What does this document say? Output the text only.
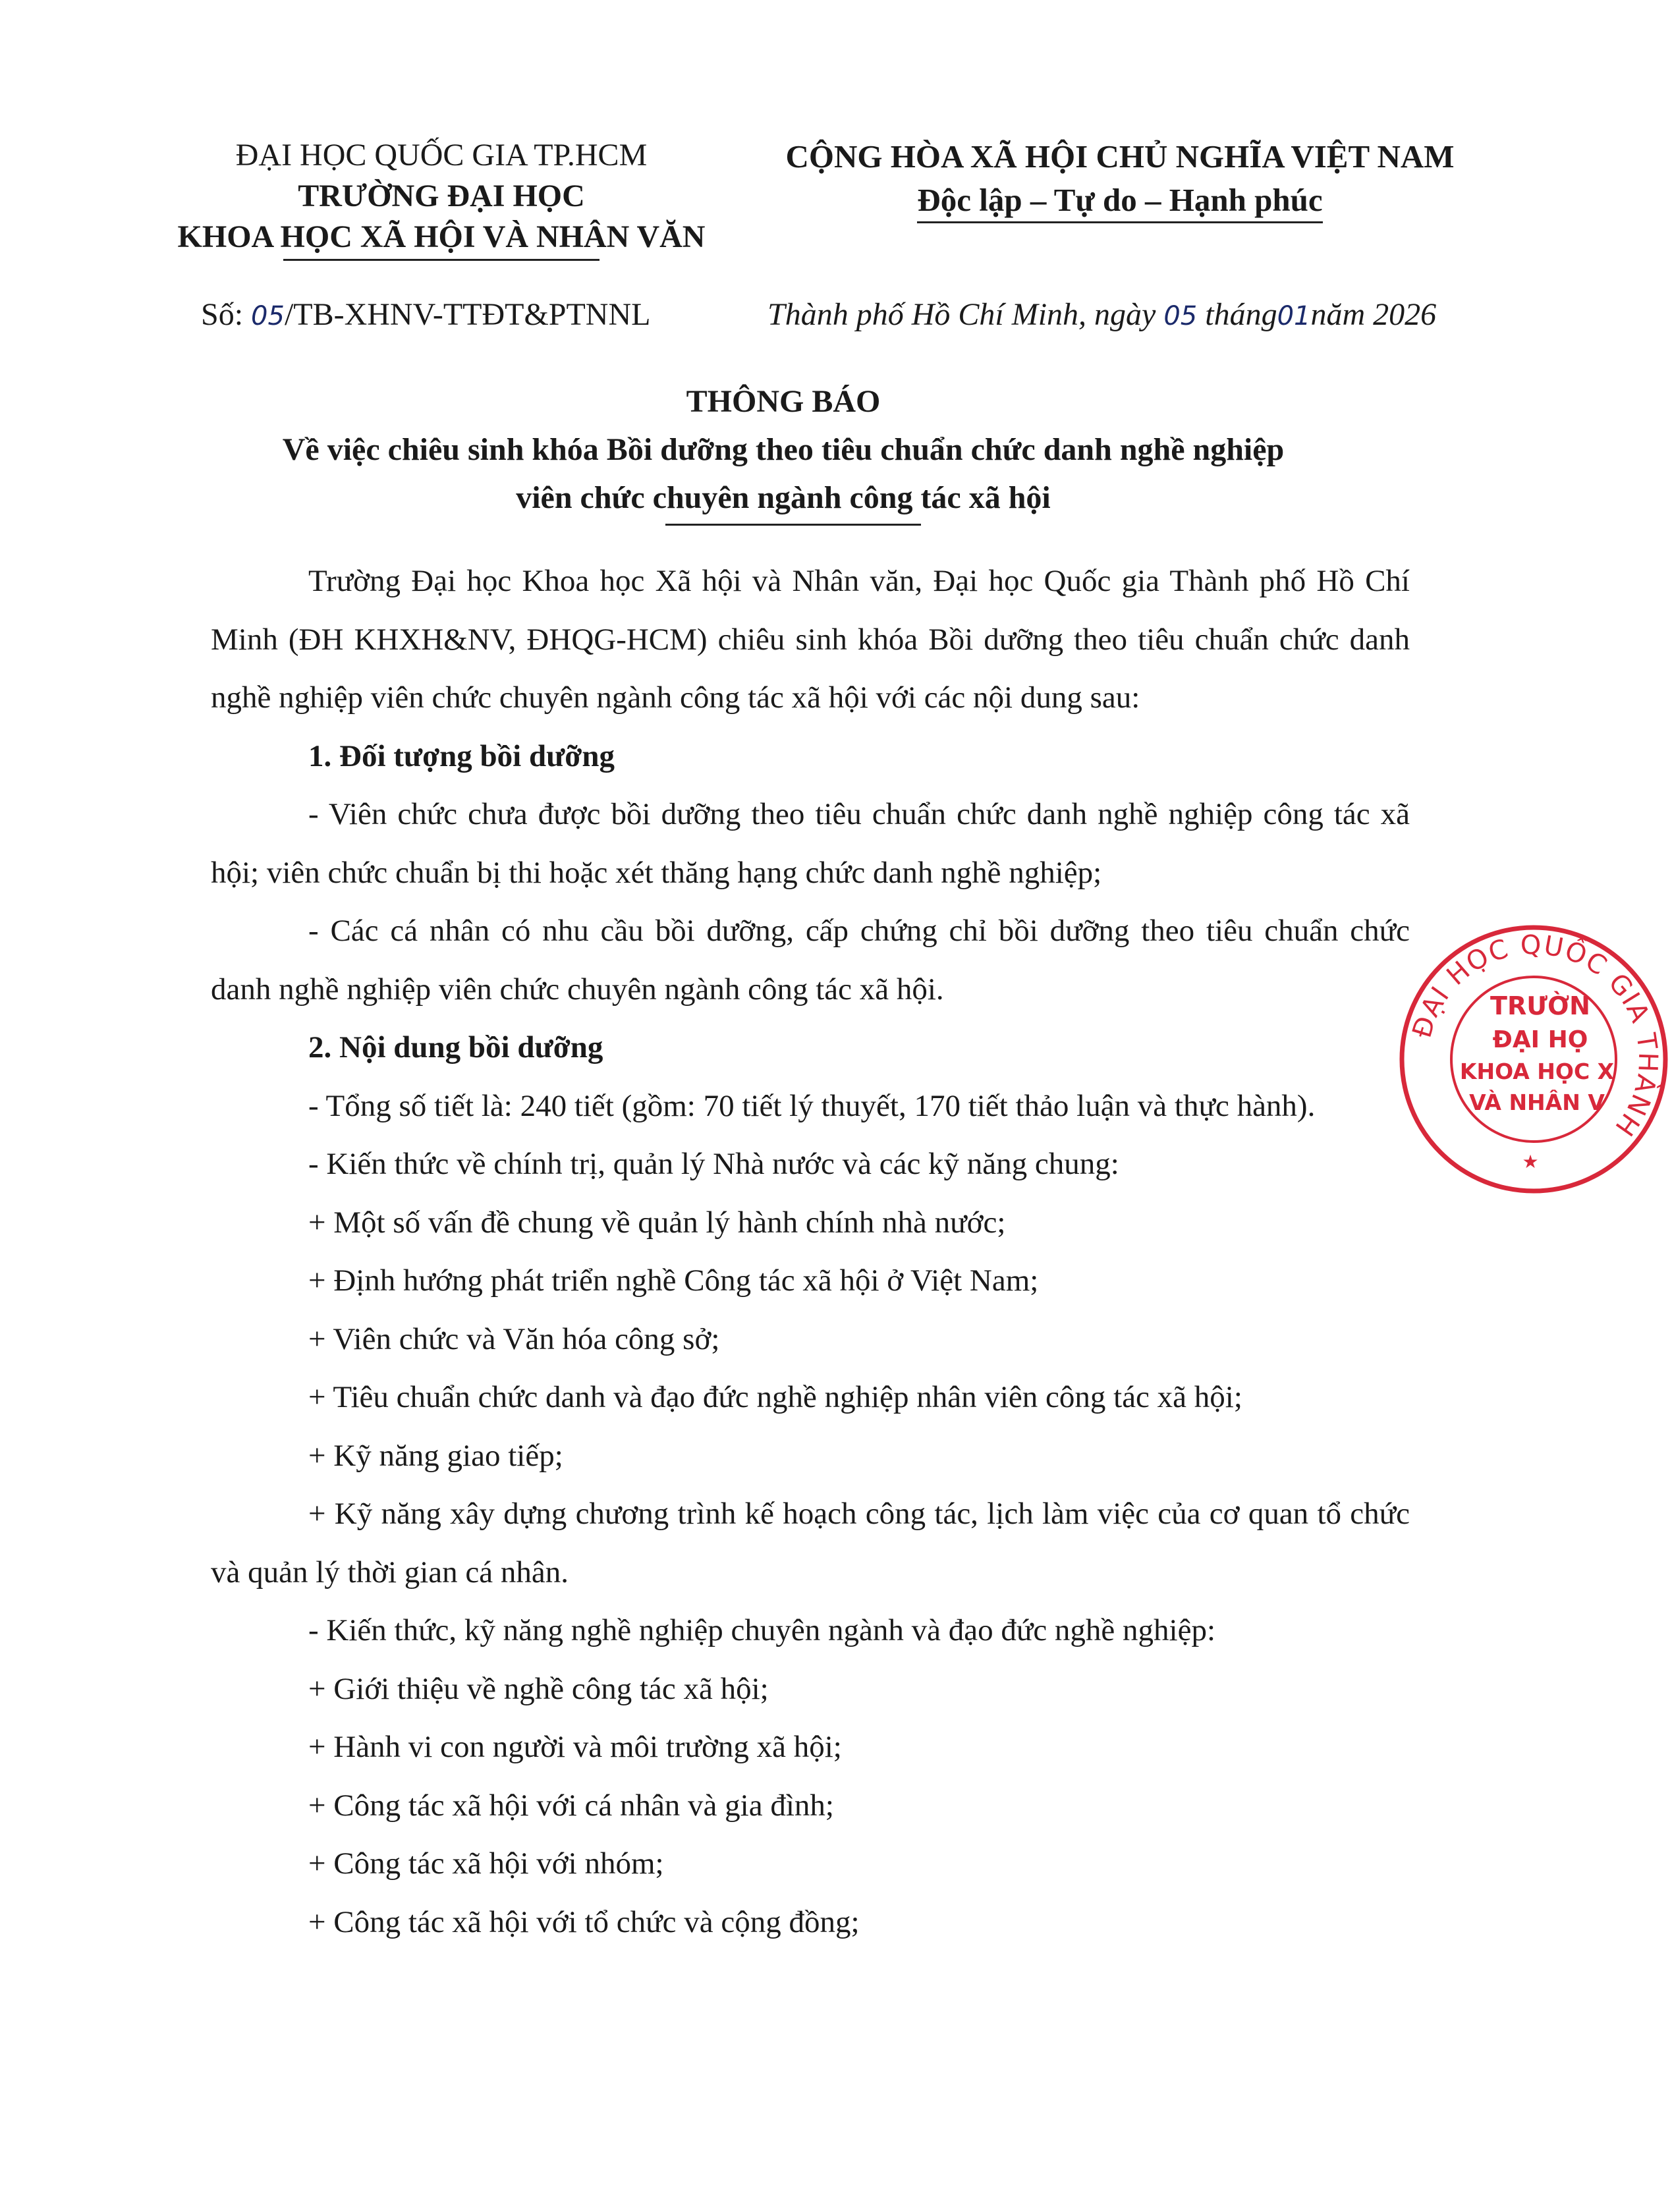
ĐẠI HỌC QUỐC GIA TP.HCM
TRƯỜNG ĐẠI HỌC
KHOA HỌC XÃ HỘI VÀ NHÂN VĂN
CỘNG HÒA XÃ HỘI CHỦ NGHĨA VIỆT NAM
Độc lập – Tự do – Hạnh phúc
Số: 05/TB-XHNV-TTĐT&PTNNL	Thành phố Hồ Chí Minh, ngày 05 tháng01năm 2026
THÔNG BÁO
Về việc chiêu sinh khóa Bồi dưỡng theo tiêu chuẩn chức danh nghề nghiệp
viên chức chuyên ngành công tác xã hội

Trường Đại học Khoa học Xã hội và Nhân văn, Đại học Quốc gia Thành phố Hồ Chí Minh (ĐH KHXH&NV, ĐHQG-HCM) chiêu sinh khóa Bồi dưỡng theo tiêu chuẩn chức danh nghề nghiệp viên chức chuyên ngành công tác xã hội với các nội dung sau:

1. Đối tượng bồi dưỡng

- Viên chức chưa được bồi dưỡng theo tiêu chuẩn chức danh nghề nghiệp công tác xã hội; viên chức chuẩn bị thi hoặc xét thăng hạng chức danh nghề nghiệp;

- Các cá nhân có nhu cầu bồi dưỡng, cấp chứng chỉ bồi dưỡng theo tiêu chuẩn chức danh nghề nghiệp viên chức chuyên ngành công tác xã hội.

2. Nội dung bồi dưỡng

- Tổng số tiết là: 240 tiết (gồm: 70 tiết lý thuyết, 170 tiết thảo luận và thực hành).

- Kiến thức về chính trị, quản lý Nhà nước và các kỹ năng chung:

+ Một số vấn đề chung về quản lý hành chính nhà nước;

+ Định hướng phát triển nghề Công tác xã hội ở Việt Nam;

+ Viên chức và Văn hóa công sở;

+ Tiêu chuẩn chức danh và đạo đức nghề nghiệp nhân viên công tác xã hội;

+ Kỹ năng giao tiếp;

+ Kỹ năng xây dựng chương trình kế hoạch công tác, lịch làm việc của cơ quan tổ chức và quản lý thời gian cá nhân.

- Kiến thức, kỹ năng nghề nghiệp chuyên ngành và đạo đức nghề nghiệp:

+ Giới thiệu về nghề công tác xã hội;

+ Hành vi con người và môi trường xã hội;

+ Công tác xã hội với cá nhân và gia đình;

+ Công tác xã hội với nhóm;

+ Công tác xã hội với tổ chức và cộng đồng;

ĐẠI HỌC QUỐC GIA THÀNH
TRƯỜN
ĐẠI HỌ
KHOA HỌC X
VÀ NHÂN V
★
